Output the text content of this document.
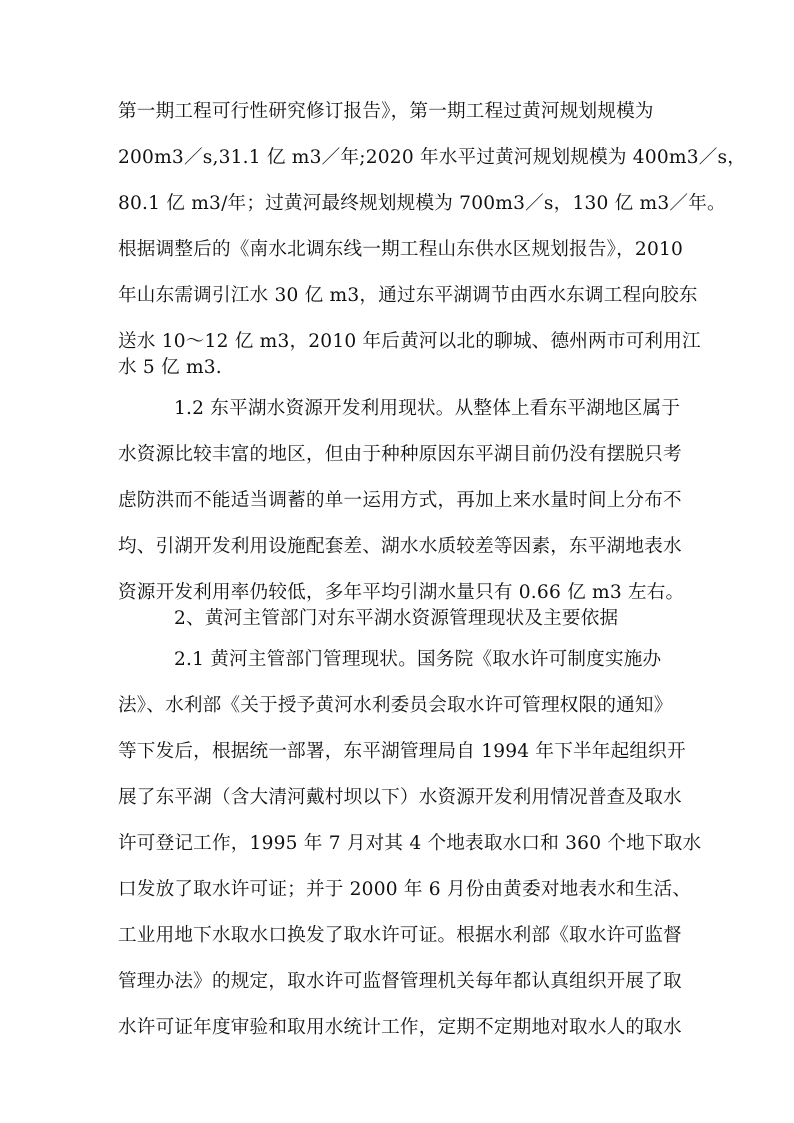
第一期工程可行性研究修订报告》，第一期工程过黄河规划规模为
200m3／s,31.1 亿 m3／年;2020 年水平过黄河规划规模为 400m3／s，
80.1 亿 m3/年；过黄河最终规划规模为 700m3／s，130 亿 m3／年。
根据调整后的《南水北调东线一期工程山东供水区规划报告》，2010
年山东需调引江水 30 亿 m3，通过东平湖调节由西水东调工程向胶东
送水 10～12 亿 m3，2010 年后黄河以北的聊城、德州两市可利用江
水 5 亿 m3.
1.2 东平湖水资源开发利用现状。从整体上看东平湖地区属于
水资源比较丰富的地区，但由于种种原因东平湖目前仍没有摆脱只考
虑防洪而不能适当调蓄的单一运用方式，再加上来水量时间上分布不
均、引湖开发利用设施配套差、湖水水质较差等因素，东平湖地表水
资源开发利用率仍较低，多年平均引湖水量只有 0.66 亿 m3 左右。
2、黄河主管部门对东平湖水资源管理现状及主要依据
2.1 黄河主管部门管理现状。国务院《取水许可制度实施办
法》、水利部《关于授予黄河水利委员会取水许可管理权限的通知》
等下发后，根据统一部署，东平湖管理局自 1994 年下半年起组织开
展了东平湖（含大清河戴村坝以下）水资源开发利用情况普查及取水
许可登记工作，1995 年 7 月对其 4 个地表取水口和 360 个地下取水
口发放了取水许可证；并于 2000 年 6 月份由黄委对地表水和生活、
工业用地下水取水口换发了取水许可证。根据水利部《取水许可监督
管理办法》的规定，取水许可监督管理机关每年都认真组织开展了取
水许可证年度审验和取用水统计工作，定期不定期地对取水人的取水
